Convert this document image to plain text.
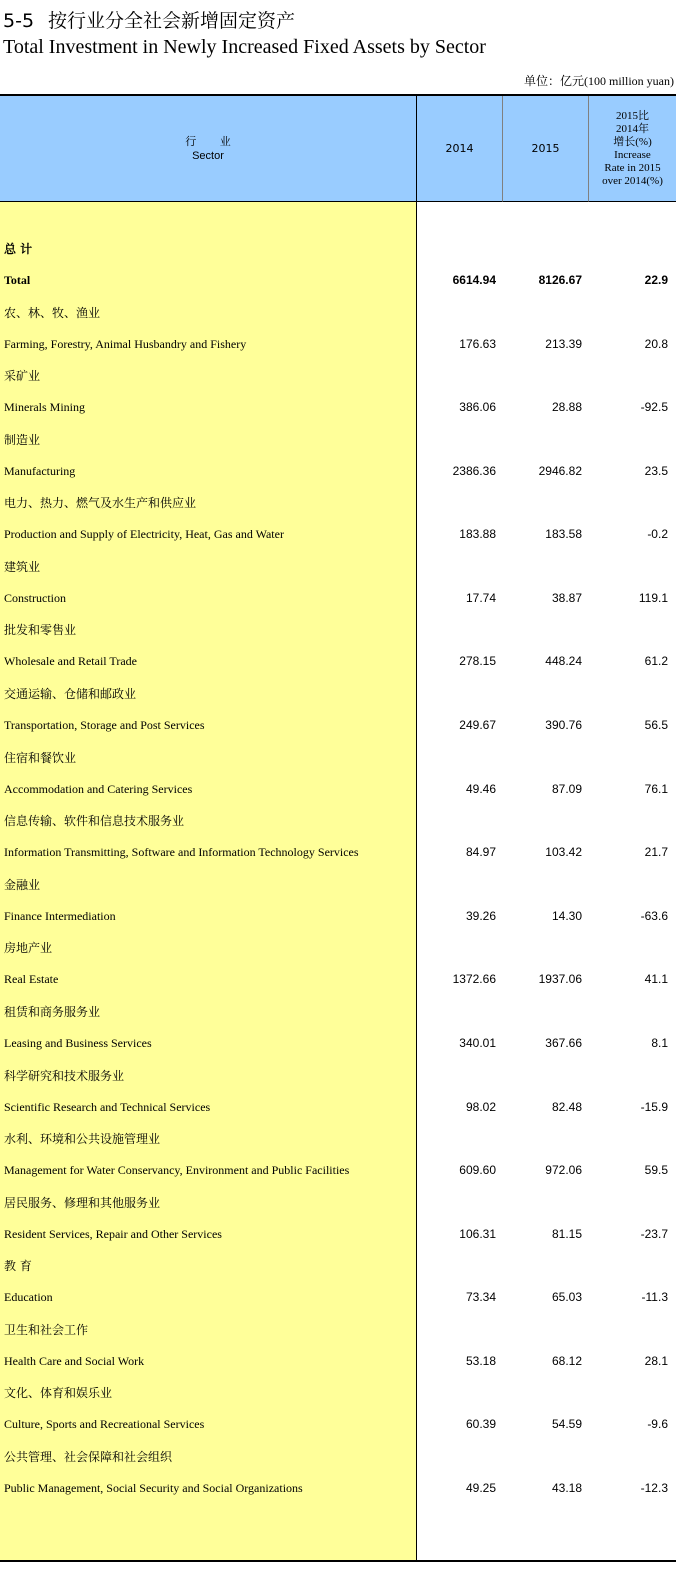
5-5 按行业分全社会新增固定资产
Total Investment in Newly Increased Fixed Assets by Sector
单位：亿元(100 million yuan)
行 业
Sector
2014	2015
2015比
2014年
增长(%)
Increase
Rate in 2015
over 2014(%)
总 计
Total	6614.94	8126.67	22.9
农、林、牧、渔业
Farming, Forestry, Animal Husbandry and Fishery	176.63	213.39	20.8
采矿业
Minerals Mining	386.06	28.88	-92.5
制造业
Manufacturing	2386.36	2946.82	23.5
电力、热力、燃气及水生产和供应业
Production and Supply of Electricity, Heat, Gas and Water	183.88	183.58	-0.2
建筑业
Construction	17.74	38.87	119.1
批发和零售业
Wholesale and Retail Trade	278.15	448.24	61.2
交通运输、仓储和邮政业
Transportation, Storage and Post Services	249.67	390.76	56.5
住宿和餐饮业
Accommodation and Catering Services	49.46	87.09	76.1
信息传输、软件和信息技术服务业
Information Transmitting, Software and Information Technology Services	84.97	103.42	21.7
金融业
Finance Intermediation	39.26	14.30	-63.6
房地产业
Real Estate	1372.66	1937.06	41.1
租赁和商务服务业
Leasing and Business Services	340.01	367.66	8.1
科学研究和技术服务业
Scientific Research and Technical Services	98.02	82.48	-15.9
水利、环境和公共设施管理业
Management for Water Conservancy, Environment and Public Facilities	609.60	972.06	59.5
居民服务、修理和其他服务业
Resident Services, Repair and Other Services	106.31	81.15	-23.7
教 育
Education	73.34	65.03	-11.3
卫生和社会工作
Health Care and Social Work	53.18	68.12	28.1
文化、体育和娱乐业
Culture, Sports and Recreational Services	60.39	54.59	-9.6
公共管理、社会保障和社会组织
Public Management, Social Security and Social Organizations	49.25	43.18	-12.3
